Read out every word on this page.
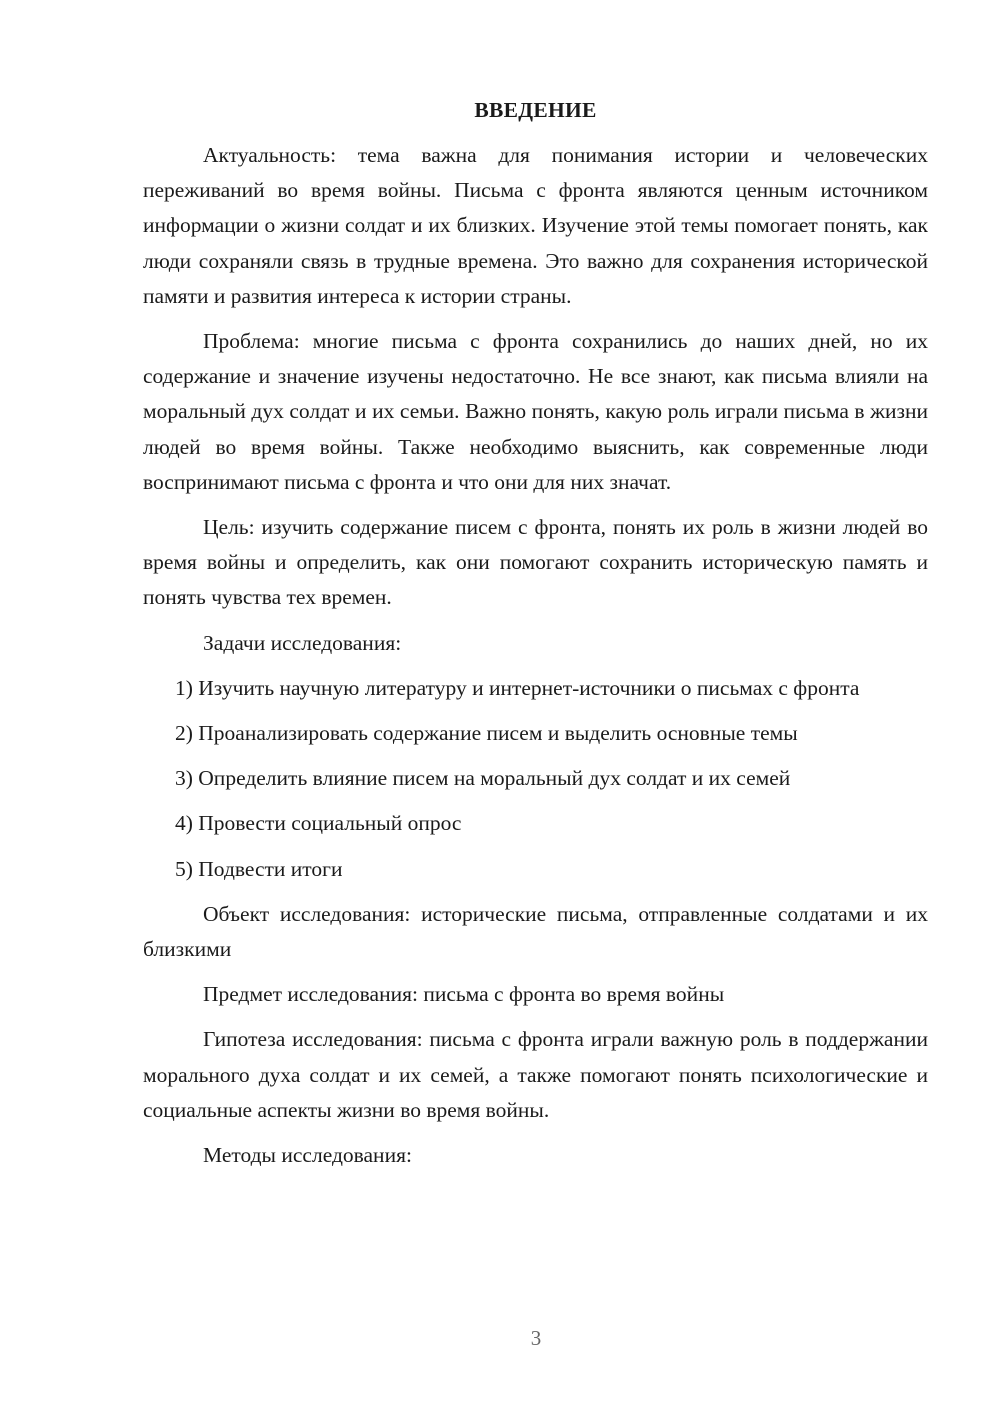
ВВЕДЕНИЕ

Актуальность: тема важна для понимания истории и человеческих переживаний во время войны. Письма с фронта являются ценным источником информации о жизни солдат и их близких. Изучение этой темы помогает понять, как люди сохраняли связь в трудные времена. Это важно для сохранения исторической памяти и развития интереса к истории страны.

Проблема: многие письма с фронта сохранились до наших дней, но их содержание и значение изучены недостаточно. Не все знают, как письма влияли на моральный дух солдат и их семьи. Важно понять, какую роль играли письма в жизни людей во время войны. Также необходимо выяснить, как современные люди воспринимают письма с фронта и что они для них значат.

Цель: изучить содержание писем с фронта, понять их роль в жизни людей во время войны и определить, как они помогают сохранить историческую память и понять чувства тех времен.

Задачи исследования:

1) Изучить научную литературу и интернет-источники о письмах с фронта

2) Проанализировать содержание писем и выделить основные темы

3) Определить влияние писем на моральный дух солдат и их семей

4) Провести социальный опрос

5) Подвести итоги

Объект исследования: исторические письма, отправленные солдатами и их близкими

Предмет исследования: письма с фронта во время войны

Гипотеза исследования: письма с фронта играли важную роль в поддержании морального духа солдат и их семей, а также помогают понять психологические и социальные аспекты жизни во время войны.

Методы исследования:

3
